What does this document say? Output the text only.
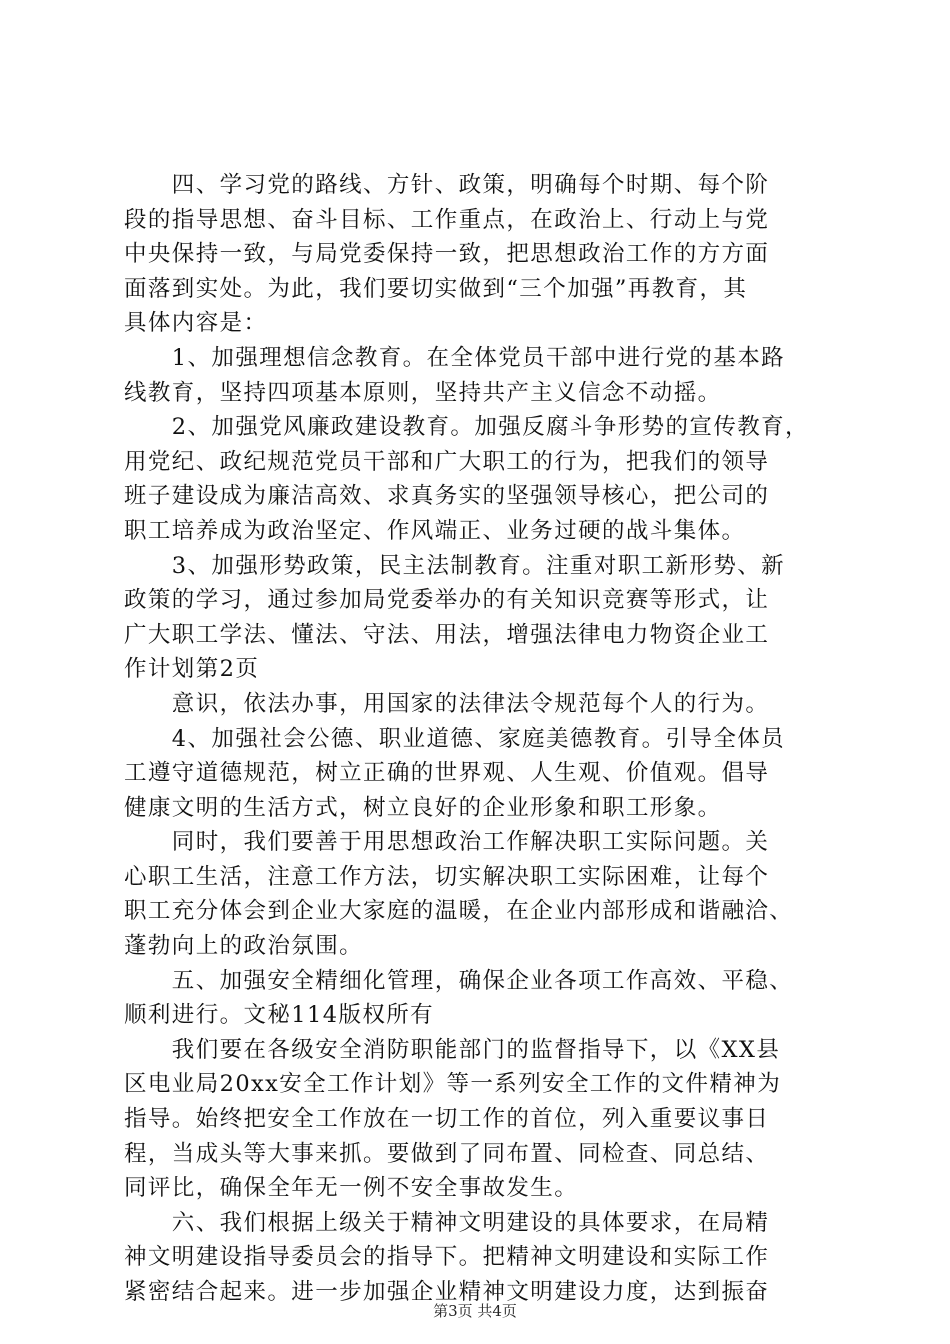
　　四、学习党的路线、方针、政策，明确每个时期、每个阶
段的指导思想、奋斗目标、工作重点，在政治上、行动上与党
中央保持一致，与局党委保持一致，把思想政治工作的方方面
面落到实处。为此，我们要切实做到“三个加强”再教育，其
具体内容是：
　　1、加强理想信念教育。在全体党员干部中进行党的基本路
线教育，坚持四项基本原则，坚持共产主义信念不动摇。
　　2、加强党风廉政建设教育。加强反腐斗争形势的宣传教育，
用党纪、政纪规范党员干部和广大职工的行为，把我们的领导
班子建设成为廉洁高效、求真务实的坚强领导核心，把公司的
职工培养成为政治坚定、作风端正、业务过硬的战斗集体。
　　3、加强形势政策，民主法制教育。注重对职工新形势、新
政策的学习，通过参加局党委举办的有关知识竞赛等形式，让
广大职工学法、懂法、守法、用法，增强法律电力物资企业工
作计划第2页
　　意识，依法办事，用国家的法律法令规范每个人的行为。
　　4、加强社会公德、职业道德、家庭美德教育。引导全体员
工遵守道德规范，树立正确的世界观、人生观、价值观。倡导
健康文明的生活方式，树立良好的企业形象和职工形象。
　　同时，我们要善于用思想政治工作解决职工实际问题。关
心职工生活，注意工作方法，切实解决职工实际困难，让每个
职工充分体会到企业大家庭的温暖，在企业内部形成和谐融洽、
蓬勃向上的政治氛围。
　　五、加强安全精细化管理，确保企业各项工作高效、平稳、
顺利进行。文秘114版权所有
　　我们要在各级安全消防职能部门的监督指导下，以《XX县
区电业局20xx安全工作计划》等一系列安全工作的文件精神为
指导。始终把安全工作放在一切工作的首位，列入重要议事日
程，当成头等大事来抓。要做到了同布置、同检查、同总结、
同评比，确保全年无一例不安全事故发生。
　　六、我们根据上级关于精神文明建设的具体要求，在局精
神文明建设指导委员会的指导下。把精神文明建设和实际工作
紧密结合起来。进一步加强企业精神文明建设力度，达到振奋
第3页 共4页
